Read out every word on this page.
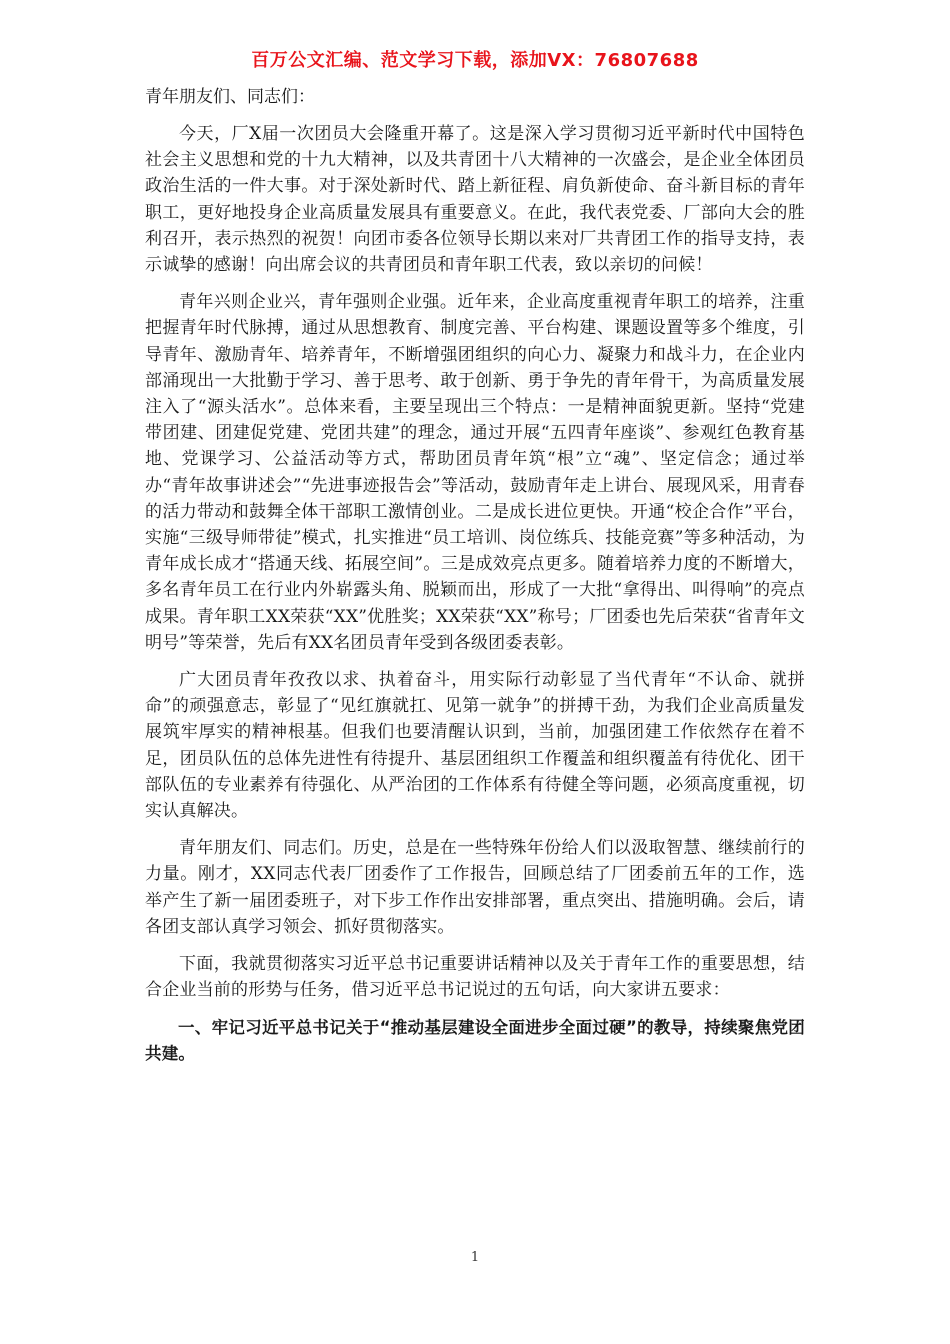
百万公文汇编、范文学习下载，添加VX：76807688

青年朋友们、同志们：

今天，厂X届一次团员大会隆重开幕了。这是深入学习贯彻习近平新时代中国特色社会主义思想和党的十九大精神，以及共青团十八大精神的一次盛会，是企业全体团员政治生活的一件大事。对于深处新时代、踏上新征程、肩负新使命、奋斗新目标的青年职工，更好地投身企业高质量发展具有重要意义。在此，我代表党委、厂部向大会的胜利召开，表示热烈的祝贺！向团市委各位领导长期以来对厂共青团工作的指导支持，表示诚挚的感谢！向出席会议的共青团员和青年职工代表，致以亲切的问候！

青年兴则企业兴，青年强则企业强。近年来，企业高度重视青年职工的培养，注重把握青年时代脉搏，通过从思想教育、制度完善、平台构建、课题设置等多个维度，引导青年、激励青年、培养青年，不断增强团组织的向心力、凝聚力和战斗力，在企业内部涌现出一大批勤于学习、善于思考、敢于创新、勇于争先的青年骨干，为高质量发展注入了“源头活水”。总体来看，主要呈现出三个特点：一是精神面貌更新。坚持“党建带团建、团建促党建、党团共建”的理念，通过开展“五四青年座谈”、参观红色教育基地、党课学习、公益活动等方式，帮助团员青年筑“根”立“魂”、坚定信念；通过举办“青年故事讲述会”“先进事迹报告会”等活动，鼓励青年走上讲台、展现风采，用青春的活力带动和鼓舞全体干部职工激情创业。二是成长进位更快。开通“校企合作”平台，实施“三级导师带徒”模式，扎实推进“员工培训、岗位练兵、技能竞赛”等多种活动，为青年成长成才“搭通天线、拓展空间”。三是成效亮点更多。随着培养力度的不断增大，多名青年员工在行业内外崭露头角、脱颖而出，形成了一大批“拿得出、叫得响”的亮点成果。青年职工XX荣获“XX”优胜奖；XX荣获“XX”称号；厂团委也先后荣获“省青年文明号”等荣誉，先后有XX名团员青年受到各级团委表彰。

广大团员青年孜孜以求、执着奋斗，用实际行动彰显了当代青年“不认命、就拼命”的顽强意志，彰显了“见红旗就扛、见第一就争”的拼搏干劲，为我们企业高质量发展筑牢厚实的精神根基。但我们也要清醒认识到，当前，加强团建工作依然存在着不足，团员队伍的总体先进性有待提升、基层团组织工作覆盖和组织覆盖有待优化、团干部队伍的专业素养有待强化、从严治团的工作体系有待健全等问题，必须高度重视，切实认真解决。

青年朋友们、同志们。历史，总是在一些特殊年份给人们以汲取智慧、继续前行的力量。刚才，XX同志代表厂团委作了工作报告，回顾总结了厂团委前五年的工作，选举产生了新一届团委班子，对下步工作作出安排部署，重点突出、措施明确。会后，请各团支部认真学习领会、抓好贯彻落实。

下面，我就贯彻落实习近平总书记重要讲话精神以及关于青年工作的重要思想，结合企业当前的形势与任务，借习近平总书记说过的五句话，向大家讲五要求：

一、牢记习近平总书记关于“推动基层建设全面进步全面过硬”的教导，持续聚焦党团共建。

1
